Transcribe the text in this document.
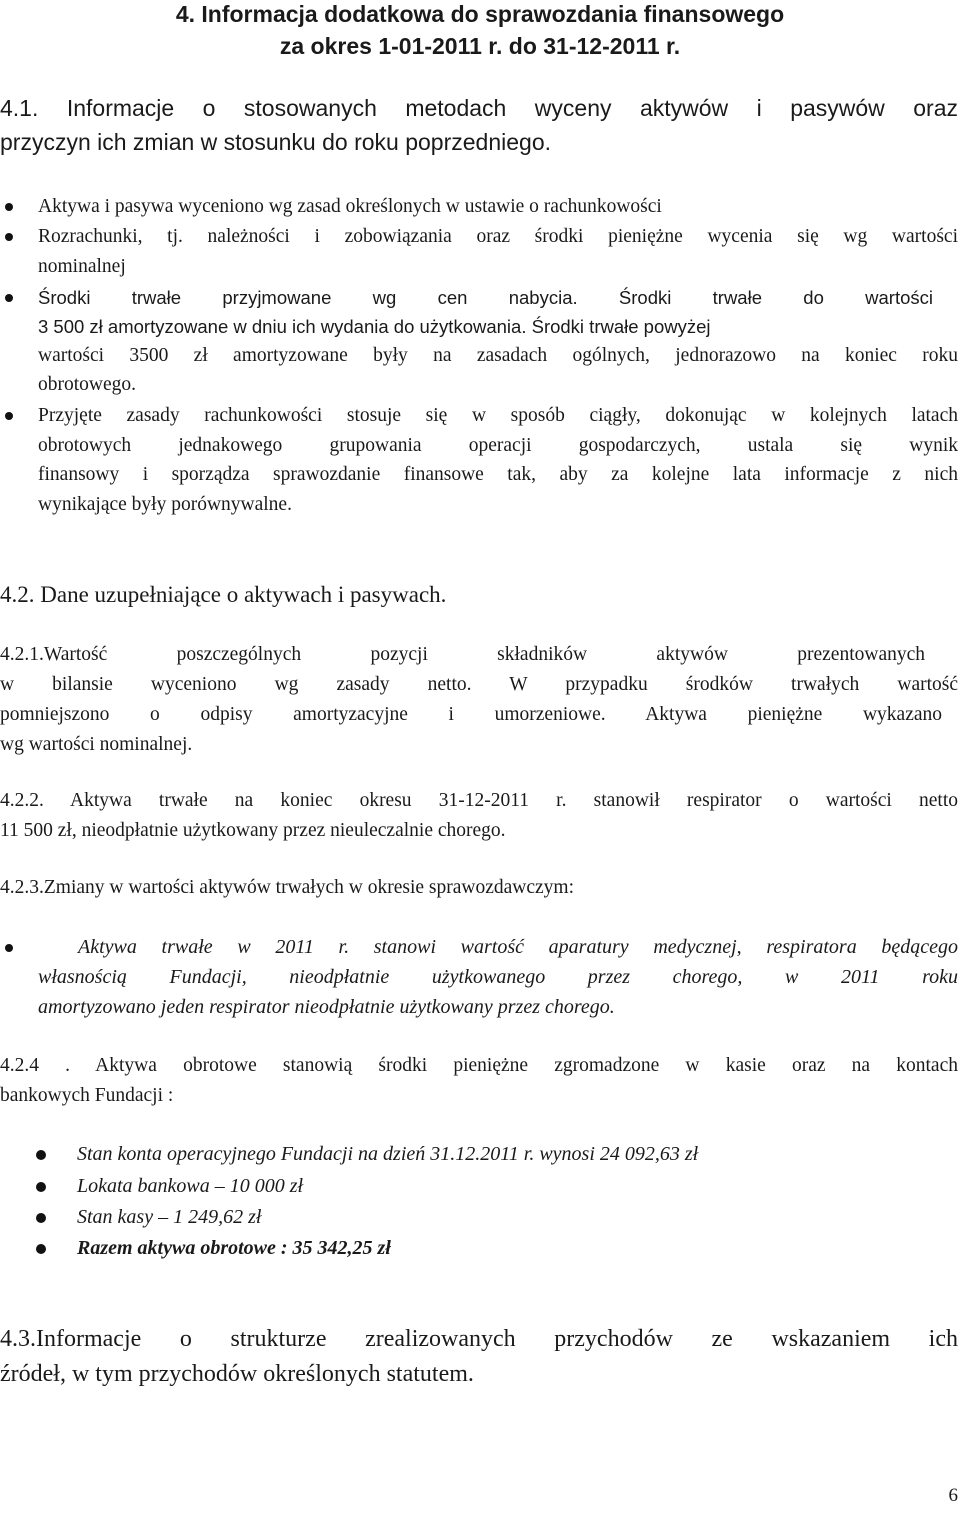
4. Informacja dodatkowa do sprawozdania finansowego
za okres 1-01-2011 r. do 31-12-2011 r.
4.1. Informacje o stosowanych metodach wyceny aktywów i pasywów oraz
przyczyn ich zmian w stosunku do roku poprzedniego.
Aktywa i pasywa wyceniono wg zasad określonych w ustawie o rachunkowości
Rozrachunki, tj. należności i zobowiązania oraz środki pieniężne wycenia się wg wartości
nominalnej
Środki trwałe przyjmowane wg cen nabycia. Środki trwałe do wartości
3 500 zł amortyzowane w dniu ich wydania do użytkowania. Środki trwałe powyżej
wartości 3500 zł amortyzowane były na zasadach ogólnych, jednorazowo na koniec roku
obrotowego.
Przyjęte zasady rachunkowości stosuje się w sposób ciągły, dokonując w kolejnych latach
obrotowych jednakowego grupowania operacji gospodarczych, ustala się wynik
finansowy i sporządza sprawozdanie finansowe tak, aby za kolejne lata informacje z nich
wynikające były porównywalne.
4.2. Dane uzupełniające o aktywach i pasywach.
4.2.1.Wartość poszczególnych pozycji składników aktywów prezentowanych
w bilansie wyceniono wg zasady netto. W przypadku środków trwałych wartość
pomniejszono o odpisy amortyzacyjne i umorzeniowe. Aktywa pieniężne wykazano
wg wartości nominalnej.
4.2.2. Aktywa trwałe na koniec okresu 31-12-2011 r. stanowił respirator o wartości netto
11 500 zł, nieodpłatnie użytkowany przez nieuleczalnie chorego.
4.2.3.Zmiany w wartości aktywów trwałych w okresie sprawozdawczym:
Aktywa trwałe w 2011 r. stanowi wartość aparatury medycznej, respiratora będącego
własnością Fundacji, nieodpłatnie użytkowanego przez chorego, w 2011 roku
amortyzowano jeden respirator nieodpłatnie użytkowany przez chorego.
4.2.4 . Aktywa obrotowe stanowią środki pieniężne zgromadzone w kasie oraz na kontach
bankowych Fundacji :
Stan konta operacyjnego Fundacji na dzień 31.12.2011 r. wynosi 24 092,63 zł
Lokata bankowa – 10 000 zł
Stan kasy – 1 249,62 zł
Razem aktywa obrotowe : 35 342,25 zł
4.3.Informacje o strukturze zrealizowanych przychodów ze wskazaniem ich
źródeł, w tym przychodów określonych statutem.
6
